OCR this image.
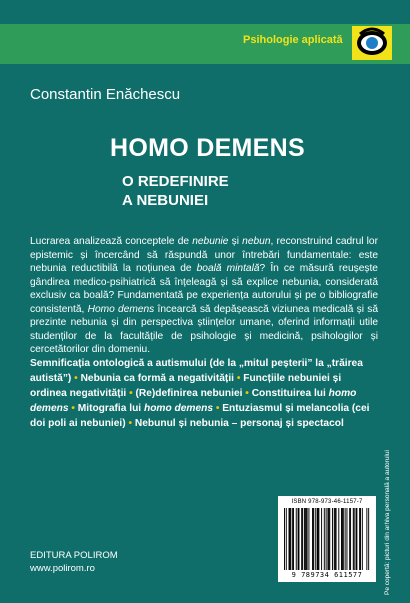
Psihologie aplicată
Constantin Enăchescu
HOMO DEMENS
O REDEFINIRE
A NEBUNIEI
Lucrarea analizează conceptele de nebunie și nebun, reconstruind cadrul lor epistemic și încercând să răspundă unor întrebări fundamentale: este nebunia reductibilă la noțiunea de boală mintală? În ce măsură reușește gândirea medico-psihiatrică să înțeleagă și să explice nebunia, considerată exclusiv ca boală? Fundamentată pe experiența autorului și pe o bibliografie consistentă, Homo demens încearcă să depășească viziunea medicală și să prezinte nebunia și din perspectiva științelor umane, oferind informații utile studenților de la facultățile de psihologie și medicină, psihologilor și cercetătorilor din domeniu.
Semnificația ontologică a autismului (de la „mitul peșterii” la „trăirea autistă”) • Nebunia ca formă a negativității • Funcțiile nebuniei și ordinea negativității • (Re)definirea nebuniei • Constituirea lui homo demens • Mitografia lui homo demens • Entuziasmul și melancolia (cei doi poli ai nebuniei) • Nebunul și nebunia – personaj și spectacol
Pe copertă: picturi din arhiva personală a autorului
EDITURA POLIROM
www.polirom.ro
ISBN 978-973-46-1157-7
9 789734 611577
